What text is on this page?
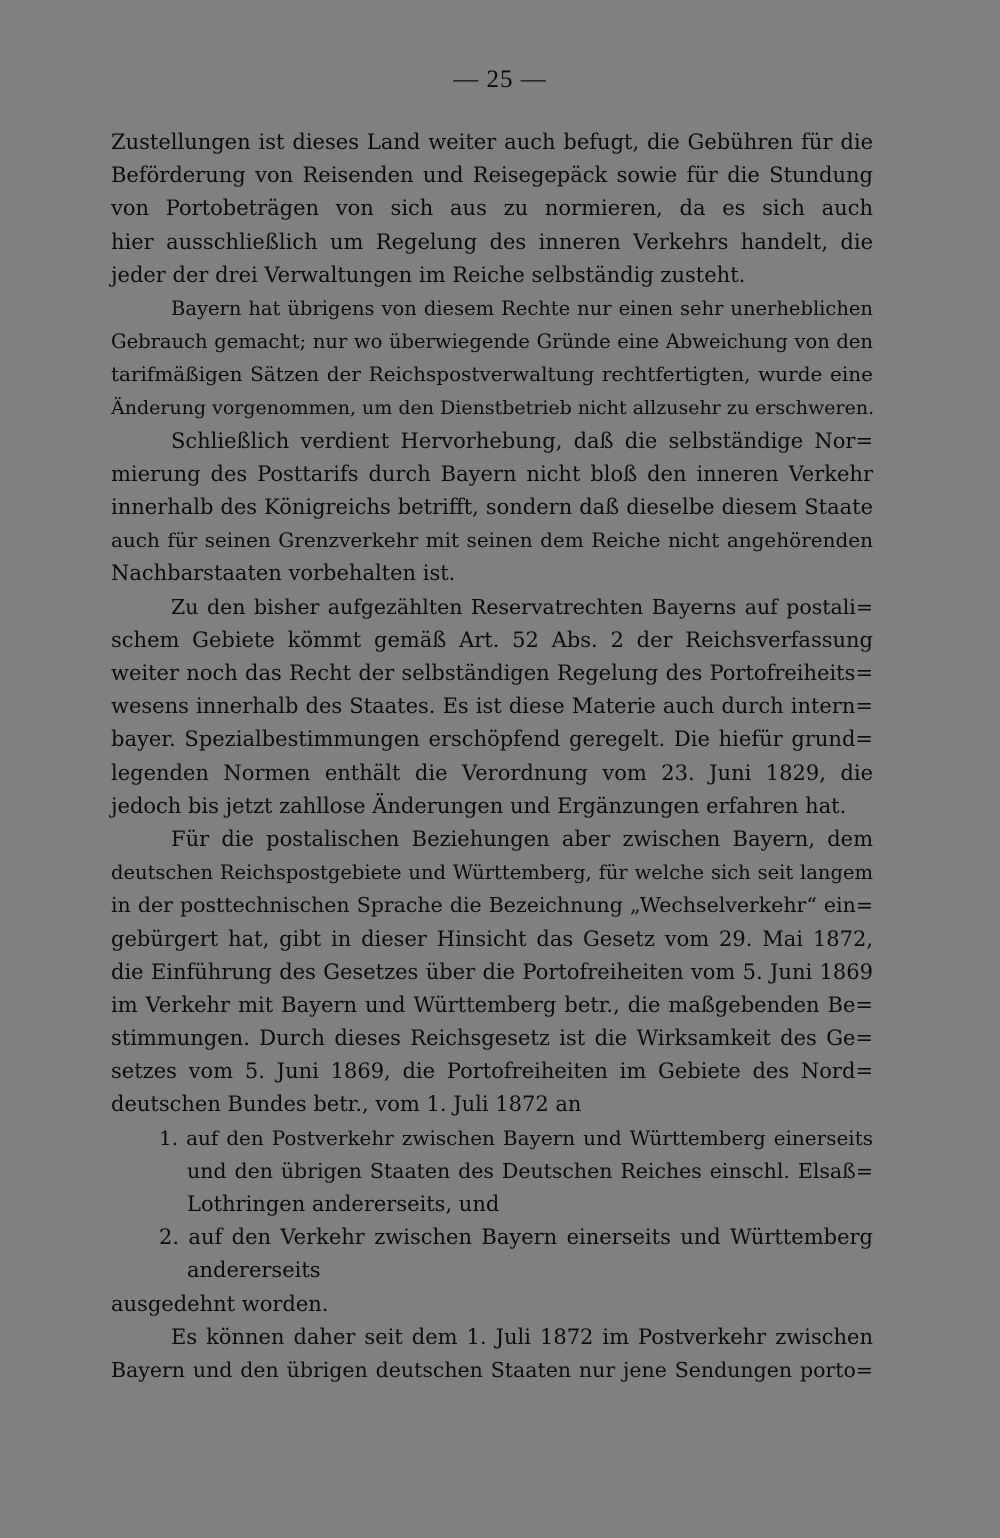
— 25 —
Zustellungen ist dieses Land weiter auch befugt, die Gebühren für die
Beförderung von Reisenden und Reisegepäck sowie für die Stundung
von Portobeträgen von sich aus zu normieren, da es sich auch
hier ausschließlich um Regelung des inneren Verkehrs handelt, die
jeder der drei Verwaltungen im Reiche selbständig zusteht.
Bayern hat übrigens von diesem Rechte nur einen sehr unerheblichen
Gebrauch gemacht; nur wo überwiegende Gründe eine Abweichung von den
tarifmäßigen Sätzen der Reichspostverwaltung rechtfertigten, wurde eine
Änderung vorgenommen, um den Dienstbetrieb nicht allzusehr zu erschweren.
Schließlich verdient Hervorhebung, daß die selbständige Nor=
mierung des Posttarifs durch Bayern nicht bloß den inneren Verkehr
innerhalb des Königreichs betrifft, sondern daß dieselbe diesem Staate
auch für seinen Grenzverkehr mit seinen dem Reiche nicht angehörenden
Nachbarstaaten vorbehalten ist.
Zu den bisher aufgezählten Reservatrechten Bayerns auf postali=
schem Gebiete kömmt gemäß Art. 52 Abs. 2 der Reichsverfassung
weiter noch das Recht der selbständigen Regelung des Portofreiheits=
wesens innerhalb des Staates. Es ist diese Materie auch durch intern=
bayer. Spezialbestimmungen erschöpfend geregelt. Die hiefür grund=
legenden Normen enthält die Verordnung vom 23. Juni 1829, die
jedoch bis jetzt zahllose Änderungen und Ergänzungen erfahren hat.
Für die postalischen Beziehungen aber zwischen Bayern, dem
deutschen Reichspostgebiete und Württemberg, für welche sich seit langem
in der posttechnischen Sprache die Bezeichnung „Wechselverkehr“ ein=
gebürgert hat, gibt in dieser Hinsicht das Gesetz vom 29. Mai 1872,
die Einführung des Gesetzes über die Portofreiheiten vom 5. Juni 1869
im Verkehr mit Bayern und Württemberg betr., die maßgebenden Be=
stimmungen. Durch dieses Reichsgesetz ist die Wirksamkeit des Ge=
setzes vom 5. Juni 1869, die Portofreiheiten im Gebiete des Nord=
deutschen Bundes betr., vom 1. Juli 1872 an
1. auf den Postverkehr zwischen Bayern und Württemberg einerseits
und den übrigen Staaten des Deutschen Reiches einschl. Elsaß=
Lothringen andererseits, und
2. auf den Verkehr zwischen Bayern einerseits und Württemberg
andererseits
ausgedehnt worden.
Es können daher seit dem 1. Juli 1872 im Postverkehr zwischen
Bayern und den übrigen deutschen Staaten nur jene Sendungen porto=
